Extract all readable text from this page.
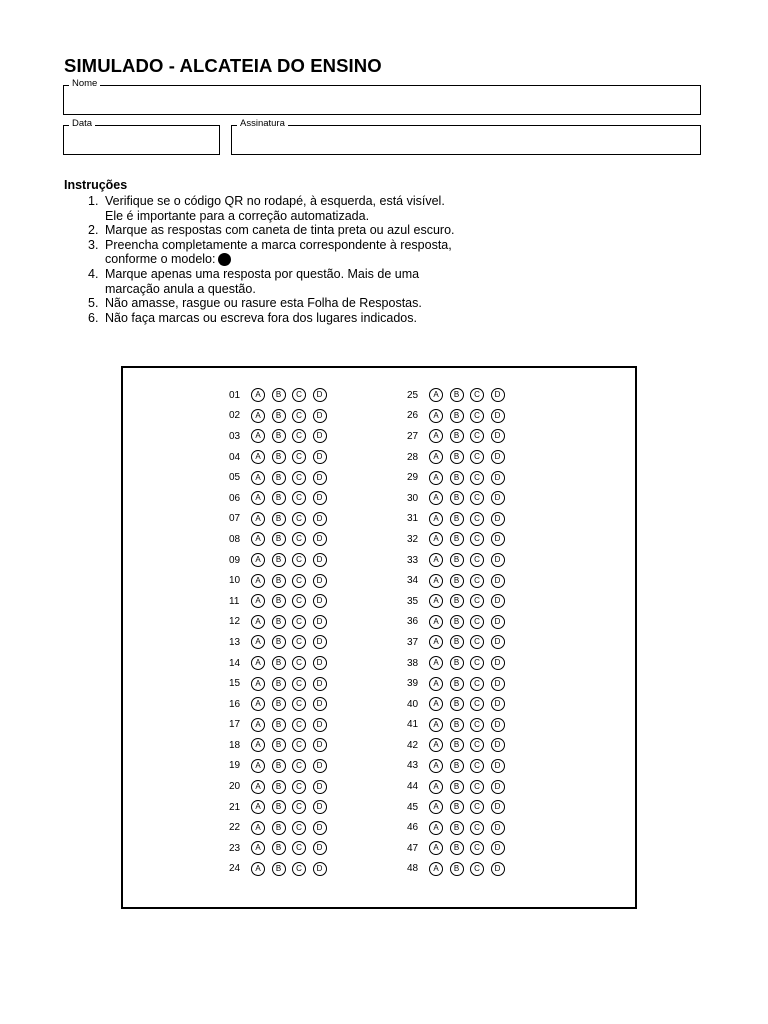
SIMULADO - ALCATEIA DO ENSINO
Nome
Data	Assinatura
Instruções
1. Verifique se o código QR no rodapé, à esquerda, está visível.
Ele é importante para a correção automatizada.
2. Marque as respostas com caneta de tinta preta ou azul escuro.
3. Preencha completamente a marca correspondente à resposta,
conforme o modelo:
4. Marque apenas uma resposta por questão. Mais de uma
marcação anula a questão.
5. Não amasse, rasgue ou rasure esta Folha de Respostas.
6. Não faça marcas ou escreva fora dos lugares indicados.
01	A	B	C	D
02	A	B	C	D
03	A	B	C	D
04	A	B	C	D
05	A	B	C	D
06	A	B	C	D
07	A	B	C	D
08	A	B	C	D
09	A	B	C	D
10	A	B	C	D
11	A	B	C	D
12	A	B	C	D
13	A	B	C	D
14	A	B	C	D
15	A	B	C	D
16	A	B	C	D
17	A	B	C	D
18	A	B	C	D
19	A	B	C	D
20	A	B	C	D
21	A	B	C	D
22	A	B	C	D
23	A	B	C	D
24	A	B	C	D
25	A	B	C	D
26	A	B	C	D
27	A	B	C	D
28	A	B	C	D
29	A	B	C	D
30	A	B	C	D
31	A	B	C	D
32	A	B	C	D
33	A	B	C	D
34	A	B	C	D
35	A	B	C	D
36	A	B	C	D
37	A	B	C	D
38	A	B	C	D
39	A	B	C	D
40	A	B	C	D
41	A	B	C	D
42	A	B	C	D
43	A	B	C	D
44	A	B	C	D
45	A	B	C	D
46	A	B	C	D
47	A	B	C	D
48	A	B	C	D
